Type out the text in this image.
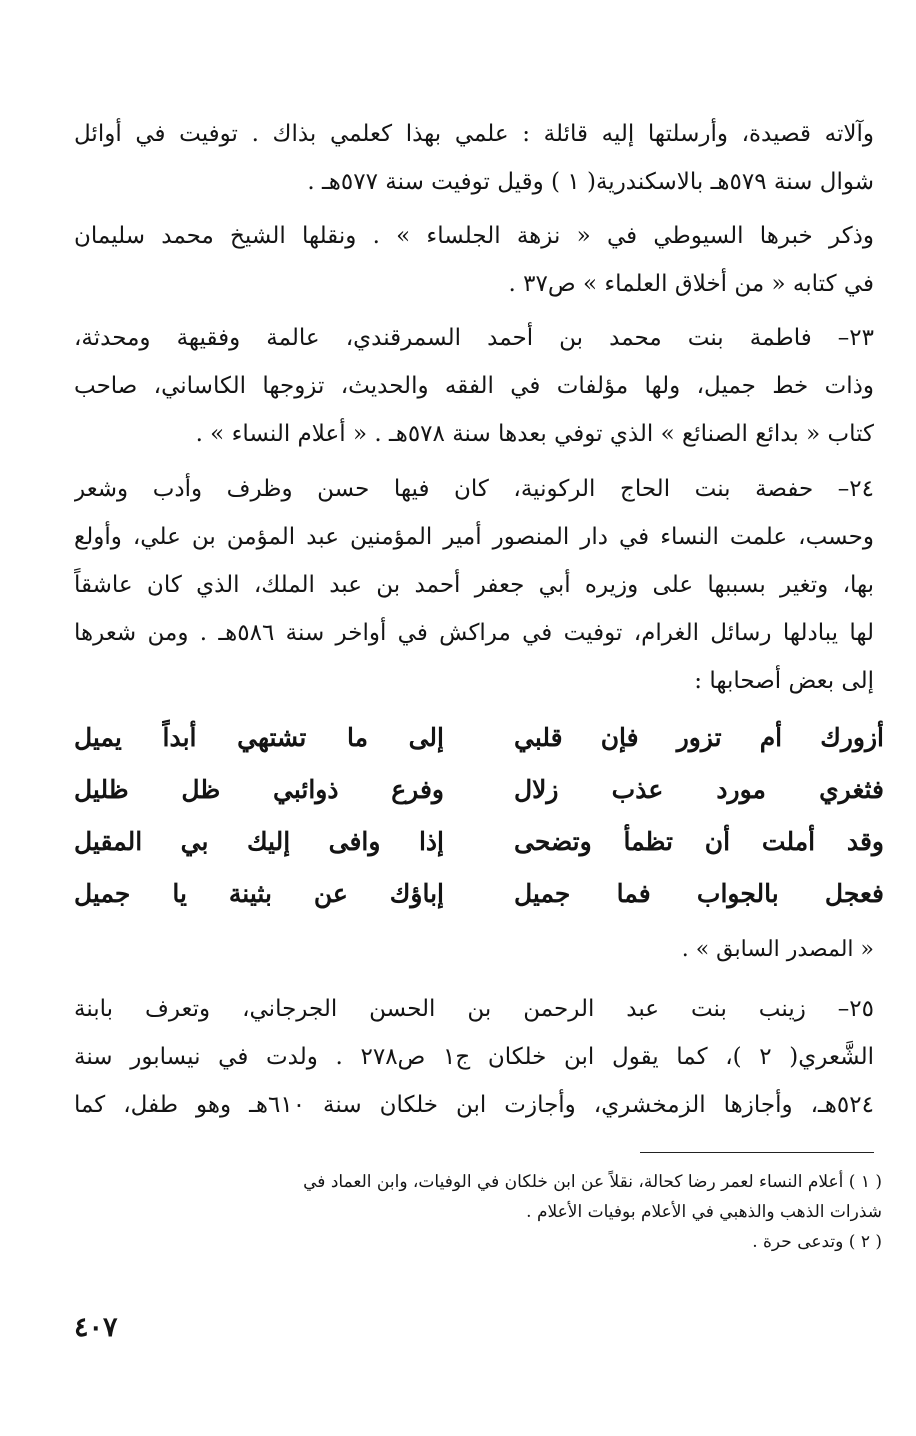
وآلاته قصيدة، وأرسلتها إليه قائلة : علمي بهذا كعلمي بذاك . توفيت في أوائل
شوال سنة ٥٧٩هـ بالاسكندرية( ١ ) وقيل توفيت سنة ٥٧٧هـ .
وذكر خبرها السيوطي في « نزهة الجلساء » . ونقلها الشيخ محمد سليمان
في كتابه « من أخلاق العلماء » ص٣٧ .
٢٣– فاطمة بنت محمد بن أحمد السمرقندي، عالمة وفقيهة ومحدثة،
وذات خط جميل، ولها مؤلفات في الفقه والحديث، تزوجها الكاساني، صاحب
كتاب « بدائع الصنائع » الذي توفي بعدها سنة ٥٧٨هـ . « أعلام النساء » .
٢٤– حفصة بنت الحاج الركونية، كان فيها حسن وظرف وأدب وشعر
وحسب، علمت النساء في دار المنصور أمير المؤمنين عبد المؤمن بن علي، وأولع
بها، وتغير بسببها على وزيره أبي جعفر أحمد بن عبد الملك، الذي كان عاشقاً
لها يبادلها رسائل الغرام، توفيت في مراكش في أواخر سنة ٥٨٦هـ . ومن شعرها
إلى بعض أصحابها :
أزورك أم تزور فإن قلبي
إلى ما تشتهي أبداً يميل
فثغري مورد عذب زلال
وفرع ذوائبي ظل ظليل
وقد أملت أن تظمأ وتضحى
إذا وافى إليك بي المقيل
فعجل بالجواب فما جميل
إباؤك عن بثينة يا جميل
« المصدر السابق » .
٢٥– زينب بنت عبد الرحمن بن الحسن الجرجاني، وتعرف بابنة
الشَّعري( ٢ )، كما يقول ابن خلكان ج١ ص٢٧٨ . ولدت في نيسابور سنة
٥٢٤هـ، وأجازها الزمخشري، وأجازت ابن خلكان سنة ٦١٠هـ وهو طفل، كما
( ١ ) أعلام النساء لعمر رضا كحالة، نقلاً عن ابن خلكان في الوفيات، وابن العماد في
شذرات الذهب والذهبي في الأعلام بوفيات الأعلام .
( ٢ ) وتدعى حرة .
٤٠٧
